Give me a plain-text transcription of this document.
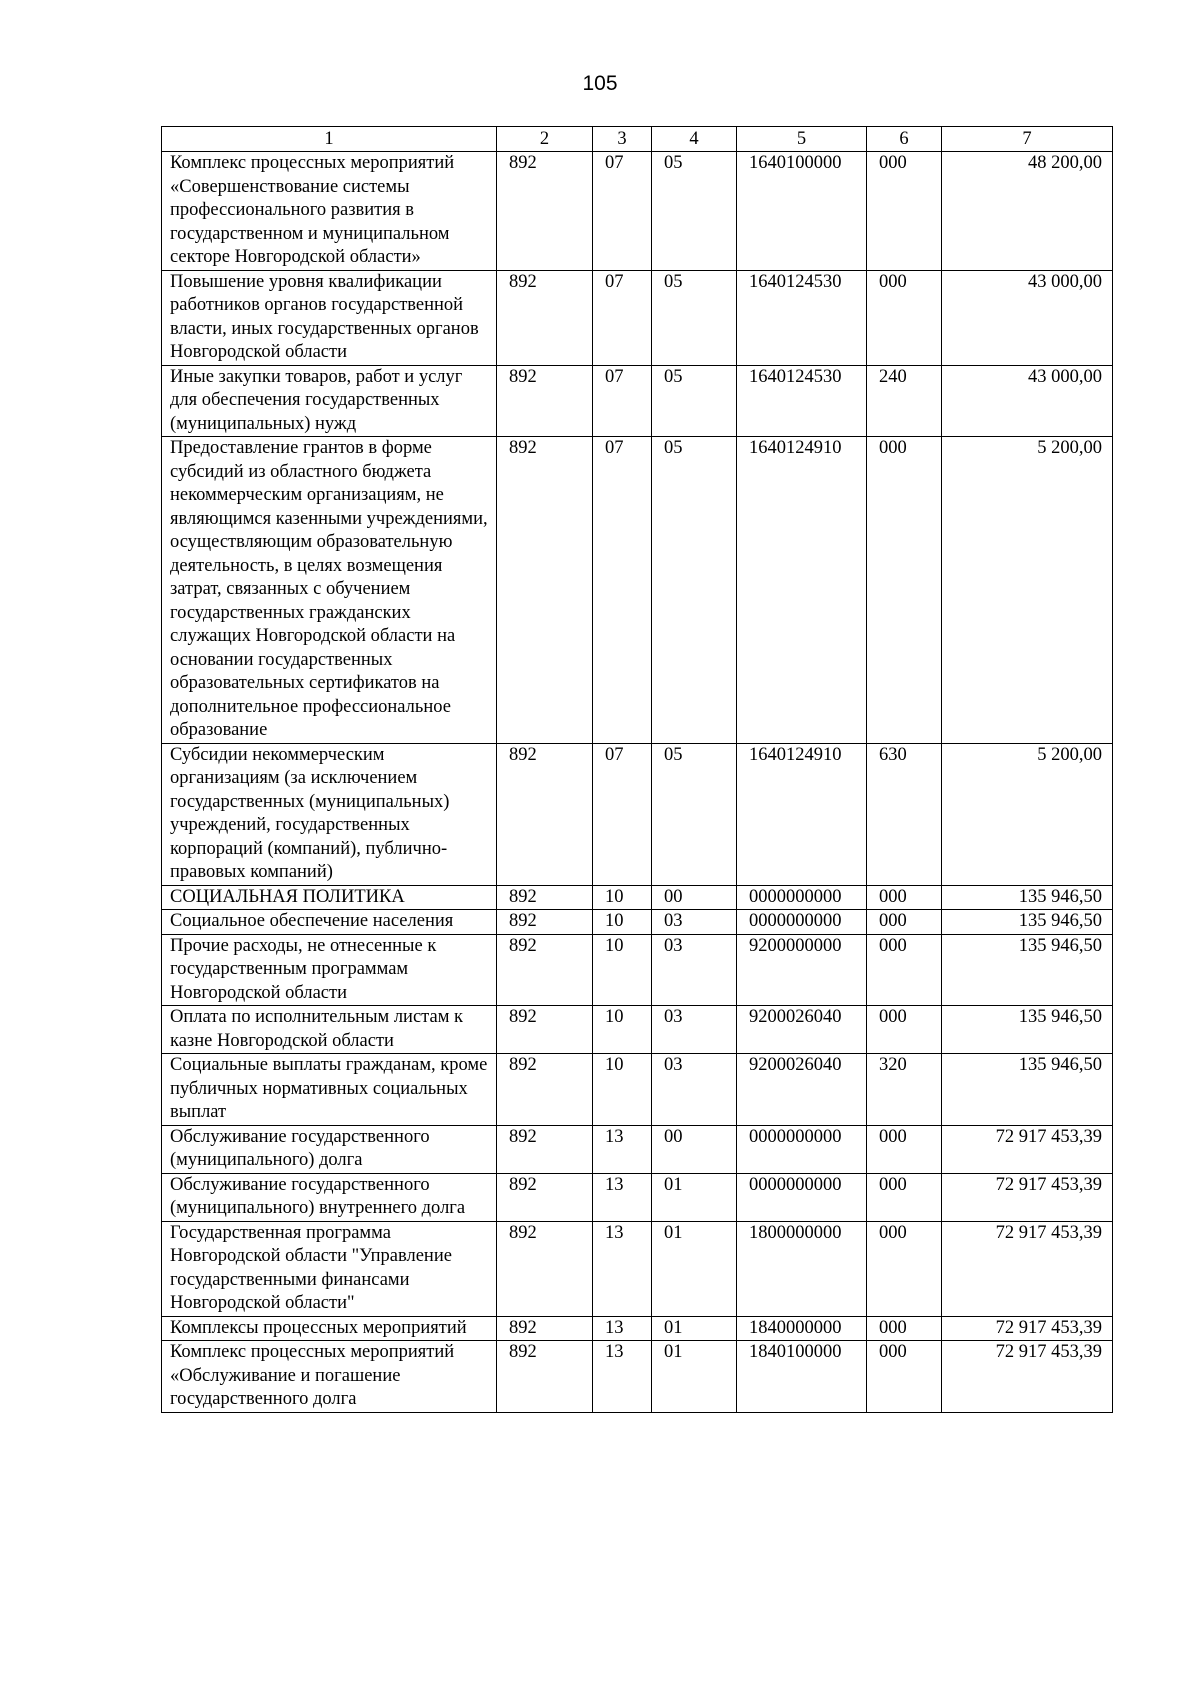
105
1	2	3	4	5	6	7
Комплекс процессных мероприятий «Совершенствование системы профессионального развития в государственном и муниципальном секторе Новгородской области»	892	07	05	1640100000	000	48 200,00
Повышение уровня квалификации работников органов государственной власти, иных государственных органов Новгородской области	892	07	05	1640124530	000	43 000,00
Иные закупки товаров, работ и услуг для обеспечения государственных (муниципальных) нужд	892	07	05	1640124530	240	43 000,00
Предоставление грантов в форме субсидий из областного бюджета некоммерческим организациям, не являющимся казенными учреждениями, осуществляющим образовательную деятельность, в целях возмещения затрат, связанных с обучением государственных гражданских служащих Новгородской области на основании государственных образовательных сертификатов на дополнительное профессиональное образование	892	07	05	1640124910	000	5 200,00
Субсидии некоммерческим организациям (за исключением государственных (муниципальных) учреждений, государственных корпораций (компаний), публично-правовых компаний)	892	07	05	1640124910	630	5 200,00
СОЦИАЛЬНАЯ ПОЛИТИКА	892	10	00	0000000000	000	135 946,50
Социальное обеспечение населения	892	10	03	0000000000	000	135 946,50
Прочие расходы, не отнесенные к государственным программам Новгородской области	892	10	03	9200000000	000	135 946,50
Оплата по исполнительным листам к казне Новгородской области	892	10	03	9200026040	000	135 946,50
Социальные выплаты гражданам, кроме публичных нормативных социальных выплат	892	10	03	9200026040	320	135 946,50
Обслуживание государственного (муниципального) долга	892	13	00	0000000000	000	72 917 453,39
Обслуживание государственного (муниципального) внутреннего долга	892	13	01	0000000000	000	72 917 453,39
Государственная программа Новгородской области "Управление государственными финансами Новгородской области"	892	13	01	1800000000	000	72 917 453,39
Комплексы процессных мероприятий	892	13	01	1840000000	000	72 917 453,39
Комплекс процессных мероприятий «Обслуживание и погашение государственного долга	892	13	01	1840100000	000	72 917 453,39
